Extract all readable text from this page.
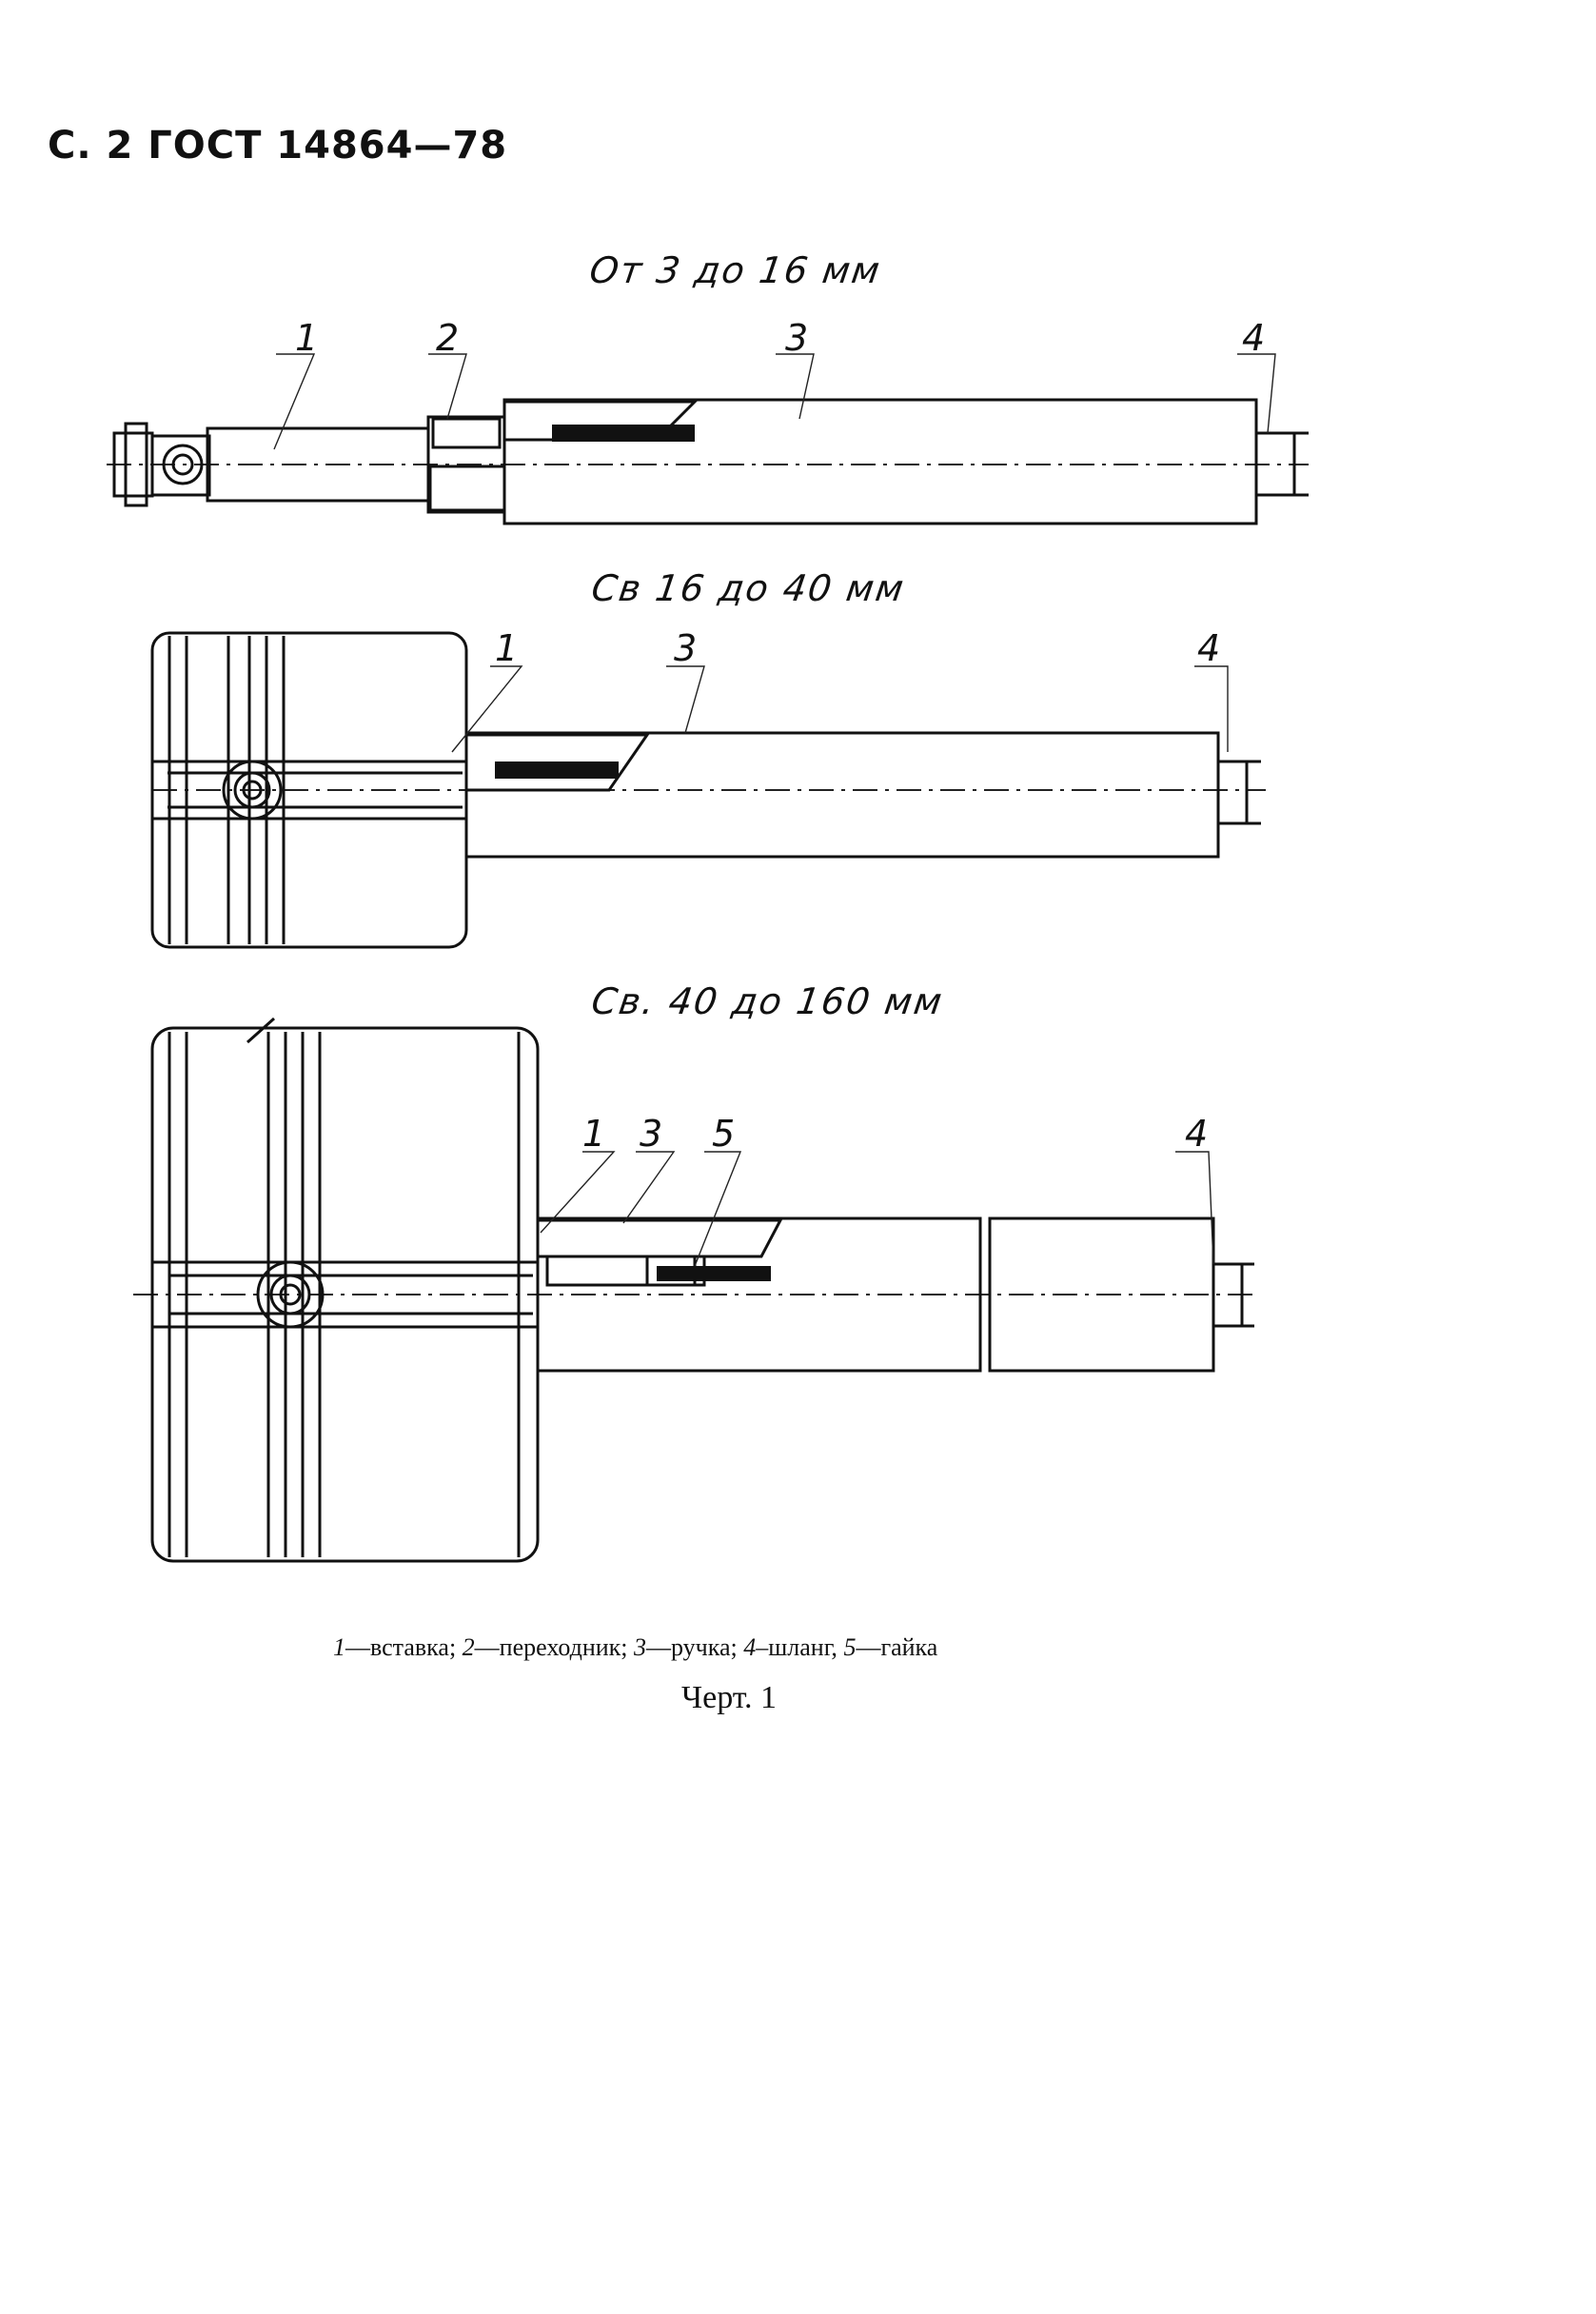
С. 2 ГОСТ 14864—78
От 3 до 16 мм
Св 16 до 40 мм
Св. 40 до 160 мм
1	2	3	4
1	3	4
1 3 5	4
1—вставка; 2—переходник; 3—ручка; 4–шланг, 5—гайка
Черт. 1
